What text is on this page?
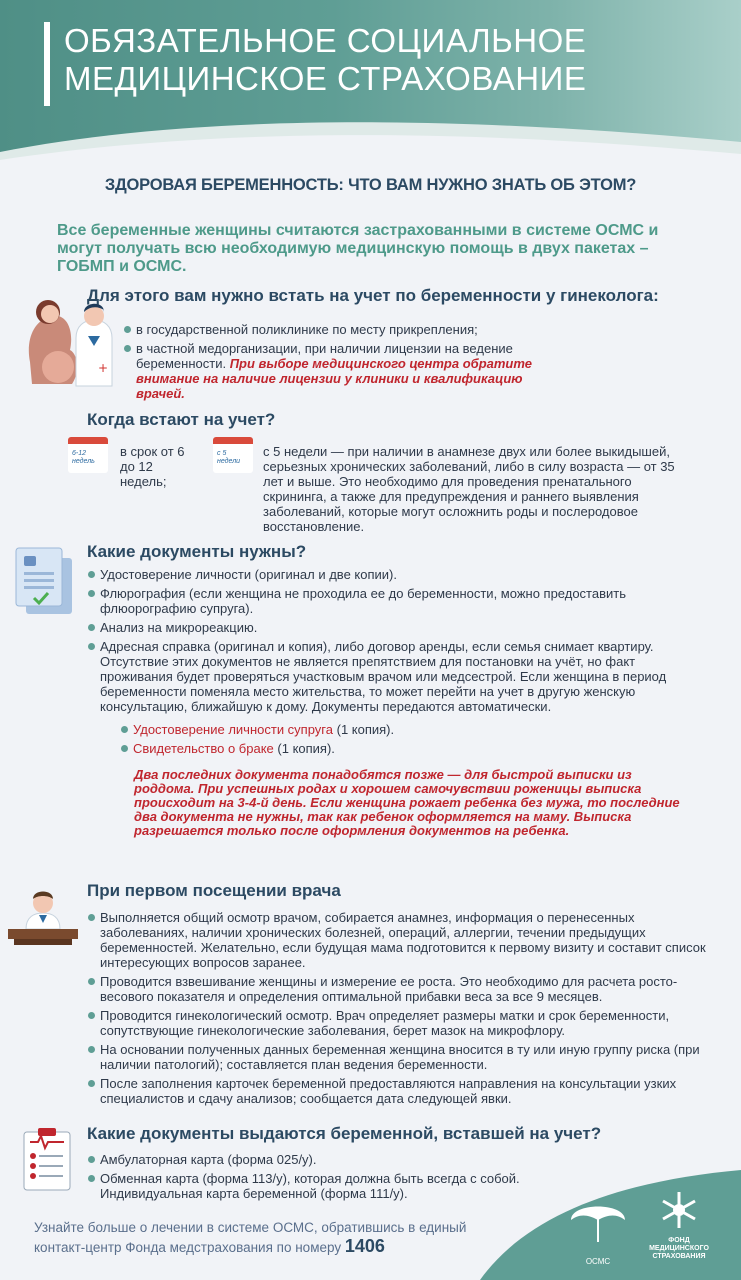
ОБЯЗАТЕЛЬНОЕ СОЦИАЛЬНОЕ
МЕДИЦИНСКОЕ СТРАХОВАНИЕ
ЗДОРОВАЯ БЕРЕМЕННОСТЬ: ЧТО ВАМ НУЖНО ЗНАТЬ ОБ ЭТОМ?
Все беременные женщины считаются застрахованными в системе ОСМС и могут получать всю необходимую медицинскую помощь в двух пакетах – ГОБМП и ОСМС.
+
Для этого вам нужно встать на учет по беременности у гинеколога:
в государственной поликлинике по месту прикрепления;
в частной медорганизации, при наличии лицензии на ведение беременности. При выборе медицинского центра обратите внимание на наличие лицензии у клиники и квалификацию врачей.
Когда встают на учет?
6-12 недель
в срок от 6 до 12 недель;
с 5 недели
с 5 недели — при наличии в анамнезе двух или более выкидышей, серьезных хронических заболеваний, либо в силу возраста — от 35 лет и выше. Это необходимо для проведения пренатального скрининга, а также для предупреждения и раннего выявления заболеваний, которые могут осложнить роды и послеродовое восстановление.
Какие документы нужны?
Удостоверение личности (оригинал и две копии).
Флюрография (если женщина не проходила ее до беременности, можно предоставить флюорографию супруга).
Анализ на микрореакцию.
Адресная справка (оригинал и копия), либо договор аренды, если семья снимает квартиру. Отсутствие этих документов не является препятствием для постановки на учёт, но факт проживания будет проверяться участковым врачом или медсестрой. Если женщина в период беременности поменяла место жительства, то может перейти на учет в другую женскую консультацию, ближайшую к дому. Документы передаются автоматически.
Удостоверение личности супруга (1 копия).
Свидетельство о браке (1 копия).
Два последних документа понадобятся позже — для быстрой выписки из роддома. При успешных родах и хорошем самочувствии роженицы выписка происходит на 3-4-й день. Если женщина рожает ребенка без мужа, то последние два документа не нужны, так как ребенок оформляется на маму. Выписка разрешается только после оформления документов на ребенка.
При первом посещении врача
Выполняется общий осмотр врачом, собирается анамнез, информация о перенесенных заболеваниях, наличии хронических болезней, операций, аллергии, течении предыдущих беременностей. Желательно, если будущая мама подготовится к первому визиту и составит список интересующих вопросов заранее.
Проводится взвешивание женщины и измерение ее роста. Это необходимо для расчета росто-весового показателя и определения оптимальной прибавки веса за все 9 месяцев.
Проводится гинекологический осмотр. Врач определяет размеры матки и срок беременности, сопутствующие гинекологические заболевания, берет мазок на микрофлору.
На основании полученных данных беременная женщина вносится в ту или иную группу риска (при наличии патологий); составляется план ведения беременности.
После заполнения карточек беременной предоставляются направления на консультации узких специалистов и сдачу анализов; сообщается дата следующей явки.
Какие документы выдаются беременной, вставшей на учет?
Амбулаторная карта (форма 025/у).
Обменная карта (форма 113/у), которая должна быть всегда с собой. Индивидуальная карта беременной (форма 111/у).
Узнайте больше о лечении в системе ОСМС, обратившись в единый контакт-центр Фонда медстрахования по номеру 1406
ОСМС
ФОНД МЕДИЦИНСКОГО СТРАХОВАНИЯ
